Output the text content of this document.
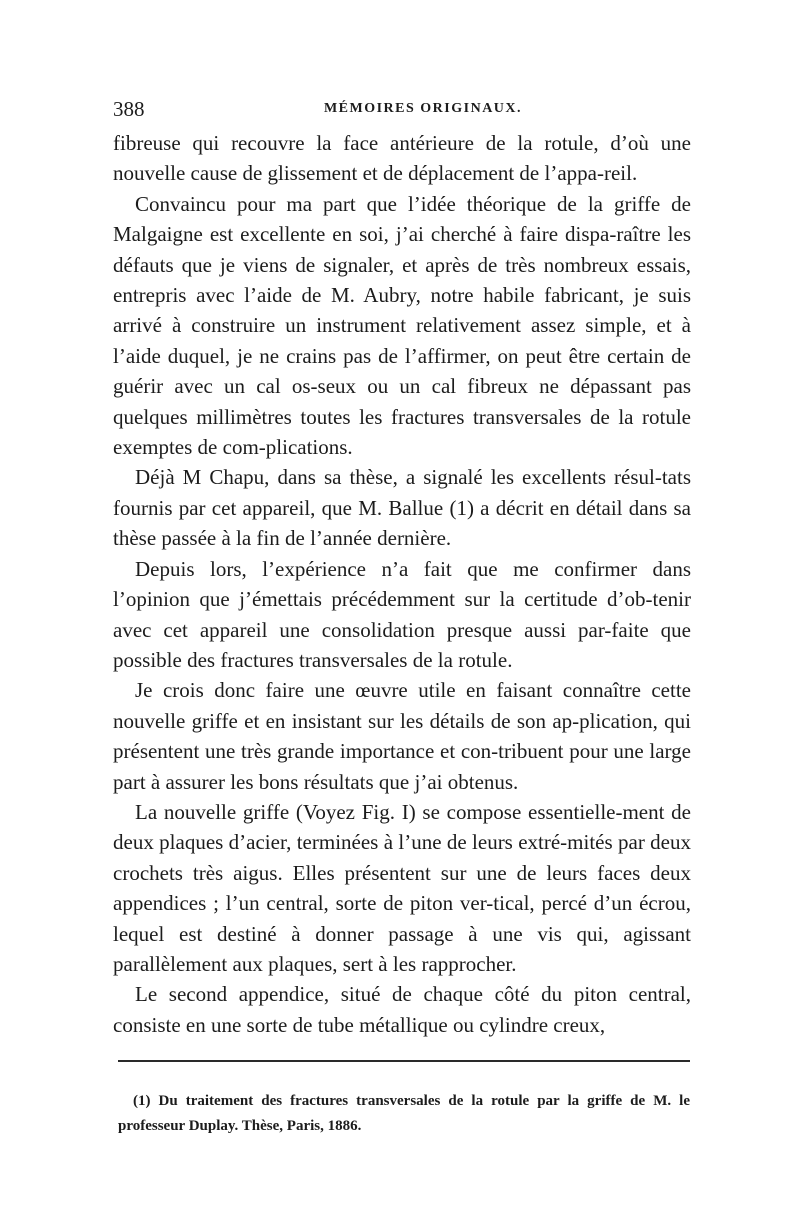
388	MÉMOIRES ORIGINAUX.

fibreuse qui recouvre la face antérieure de la rotule, d’où une nouvelle cause de glissement et de déplacement de l’appa-reil.

Convaincu pour ma part que l’idée théorique de la griffe de Malgaigne est excellente en soi, j’ai cherché à faire dispa-raître les défauts que je viens de signaler, et après de très nombreux essais, entrepris avec l’aide de M. Aubry, notre habile fabricant, je suis arrivé à construire un instrument relativement assez simple, et à l’aide duquel, je ne crains pas de l’affirmer, on peut être certain de guérir avec un cal os-seux ou un cal fibreux ne dépassant pas quelques millimètres toutes les fractures transversales de la rotule exemptes de com-plications.

Déjà M Chapu, dans sa thèse, a signalé les excellents résul-tats fournis par cet appareil, que M. Ballue (1) a décrit en détail dans sa thèse passée à la fin de l’année dernière.

Depuis lors, l’expérience n’a fait que me confirmer dans l’opinion que j’émettais précédemment sur la certitude d’ob-tenir avec cet appareil une consolidation presque aussi par-faite que possible des fractures transversales de la rotule.

Je crois donc faire une œuvre utile en faisant connaître cette nouvelle griffe et en insistant sur les détails de son ap-plication, qui présentent une très grande importance et con-tribuent pour une large part à assurer les bons résultats que j’ai obtenus.

La nouvelle griffe (Voyez Fig. I) se compose essentielle-ment de deux plaques d’acier, terminées à l’une de leurs extré-mités par deux crochets très aigus. Elles présentent sur une de leurs faces deux appendices ; l’un central, sorte de piton ver-tical, percé d’un écrou, lequel est destiné à donner passage à une vis qui, agissant parallèlement aux plaques, sert à les rapprocher.

Le second appendice, situé de chaque côté du piton central, consiste en une sorte de tube métallique ou cylindre creux,

(1) Du traitement des fractures transversales de la rotule par la griffe de M. le professeur Duplay. Thèse, Paris, 1886.
